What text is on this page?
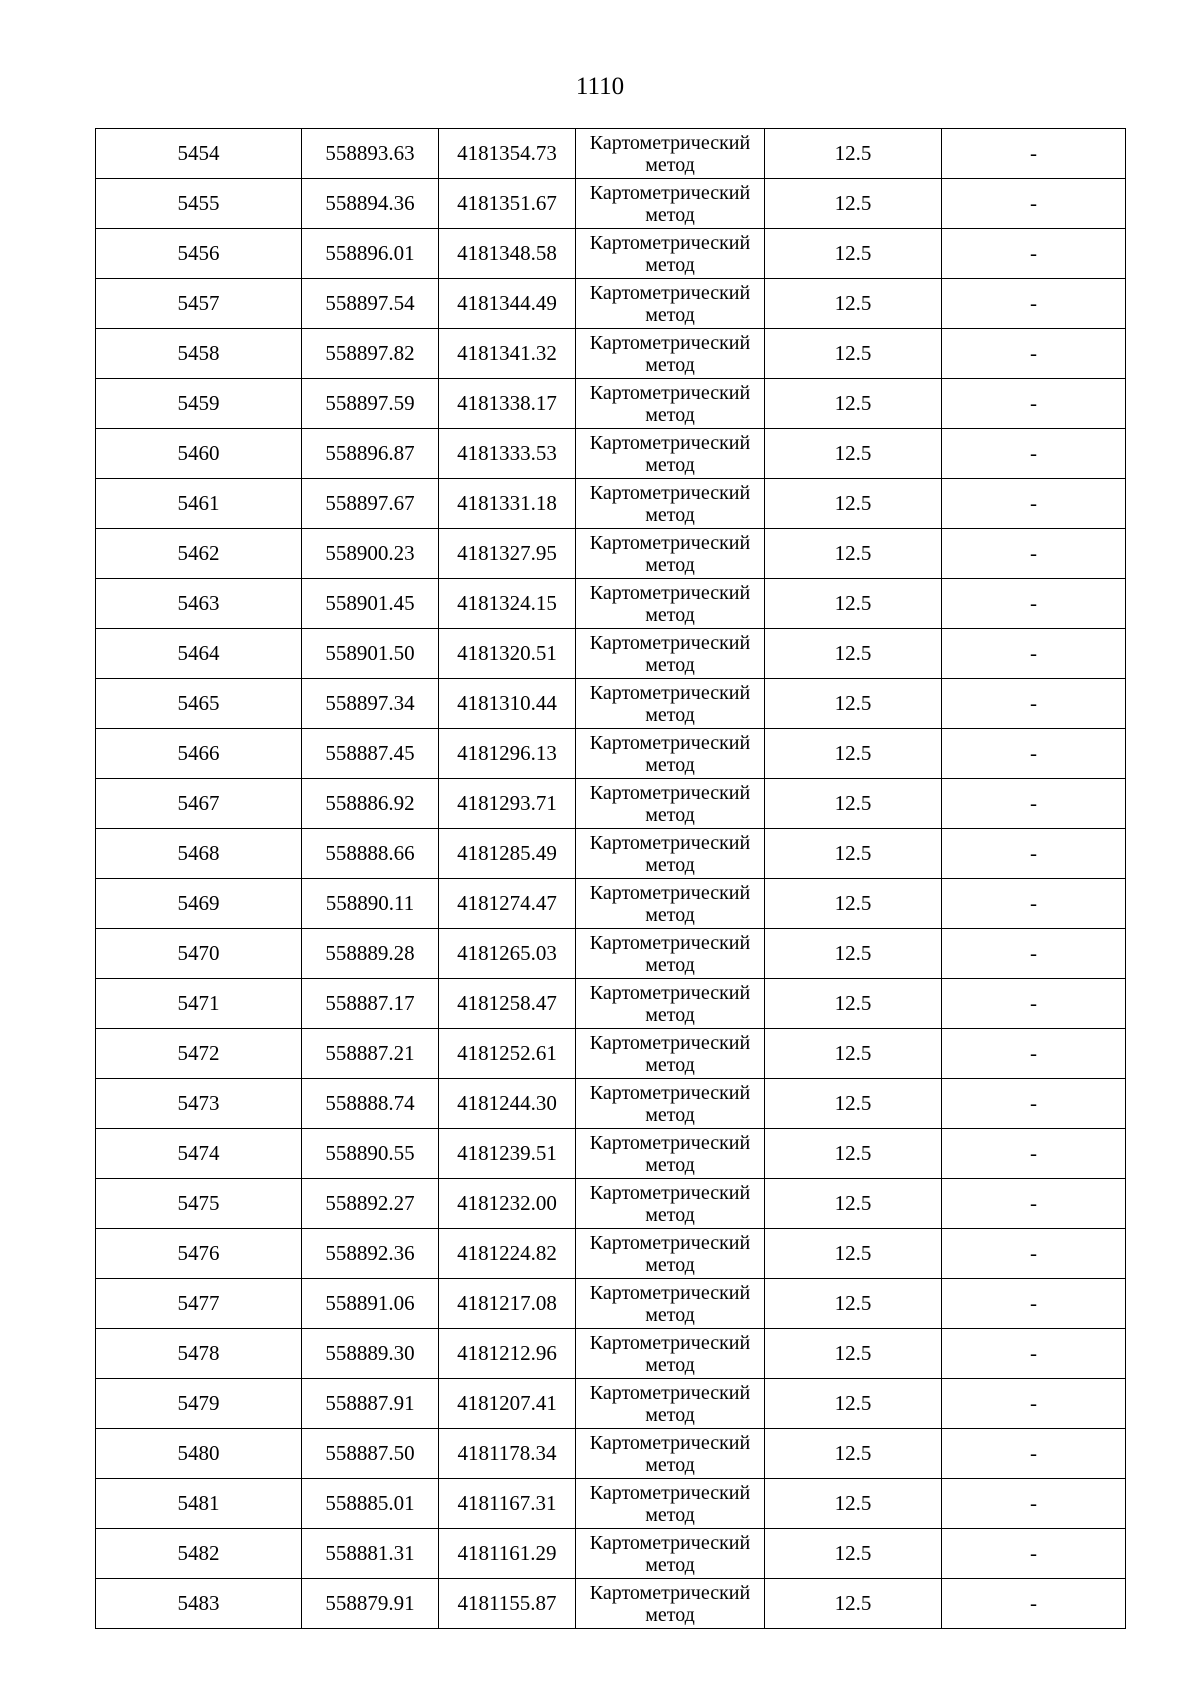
1110
5454	558893.63	4181354.73	Картометрический
метод	12.5	-
5455	558894.36	4181351.67	Картометрический
метод	12.5	-
5456	558896.01	4181348.58	Картометрический
метод	12.5	-
5457	558897.54	4181344.49	Картометрический
метод	12.5	-
5458	558897.82	4181341.32	Картометрический
метод	12.5	-
5459	558897.59	4181338.17	Картометрический
метод	12.5	-
5460	558896.87	4181333.53	Картометрический
метод	12.5	-
5461	558897.67	4181331.18	Картометрический
метод	12.5	-
5462	558900.23	4181327.95	Картометрический
метод	12.5	-
5463	558901.45	4181324.15	Картометрический
метод	12.5	-
5464	558901.50	4181320.51	Картометрический
метод	12.5	-
5465	558897.34	4181310.44	Картометрический
метод	12.5	-
5466	558887.45	4181296.13	Картометрический
метод	12.5	-
5467	558886.92	4181293.71	Картометрический
метод	12.5	-
5468	558888.66	4181285.49	Картометрический
метод	12.5	-
5469	558890.11	4181274.47	Картометрический
метод	12.5	-
5470	558889.28	4181265.03	Картометрический
метод	12.5	-
5471	558887.17	4181258.47	Картометрический
метод	12.5	-
5472	558887.21	4181252.61	Картометрический
метод	12.5	-
5473	558888.74	4181244.30	Картометрический
метод	12.5	-
5474	558890.55	4181239.51	Картометрический
метод	12.5	-
5475	558892.27	4181232.00	Картометрический
метод	12.5	-
5476	558892.36	4181224.82	Картометрический
метод	12.5	-
5477	558891.06	4181217.08	Картометрический
метод	12.5	-
5478	558889.30	4181212.96	Картометрический
метод	12.5	-
5479	558887.91	4181207.41	Картометрический
метод	12.5	-
5480	558887.50	4181178.34	Картометрический
метод	12.5	-
5481	558885.01	4181167.31	Картометрический
метод	12.5	-
5482	558881.31	4181161.29	Картометрический
метод	12.5	-
5483	558879.91	4181155.87	Картометрический
метод	12.5	-
